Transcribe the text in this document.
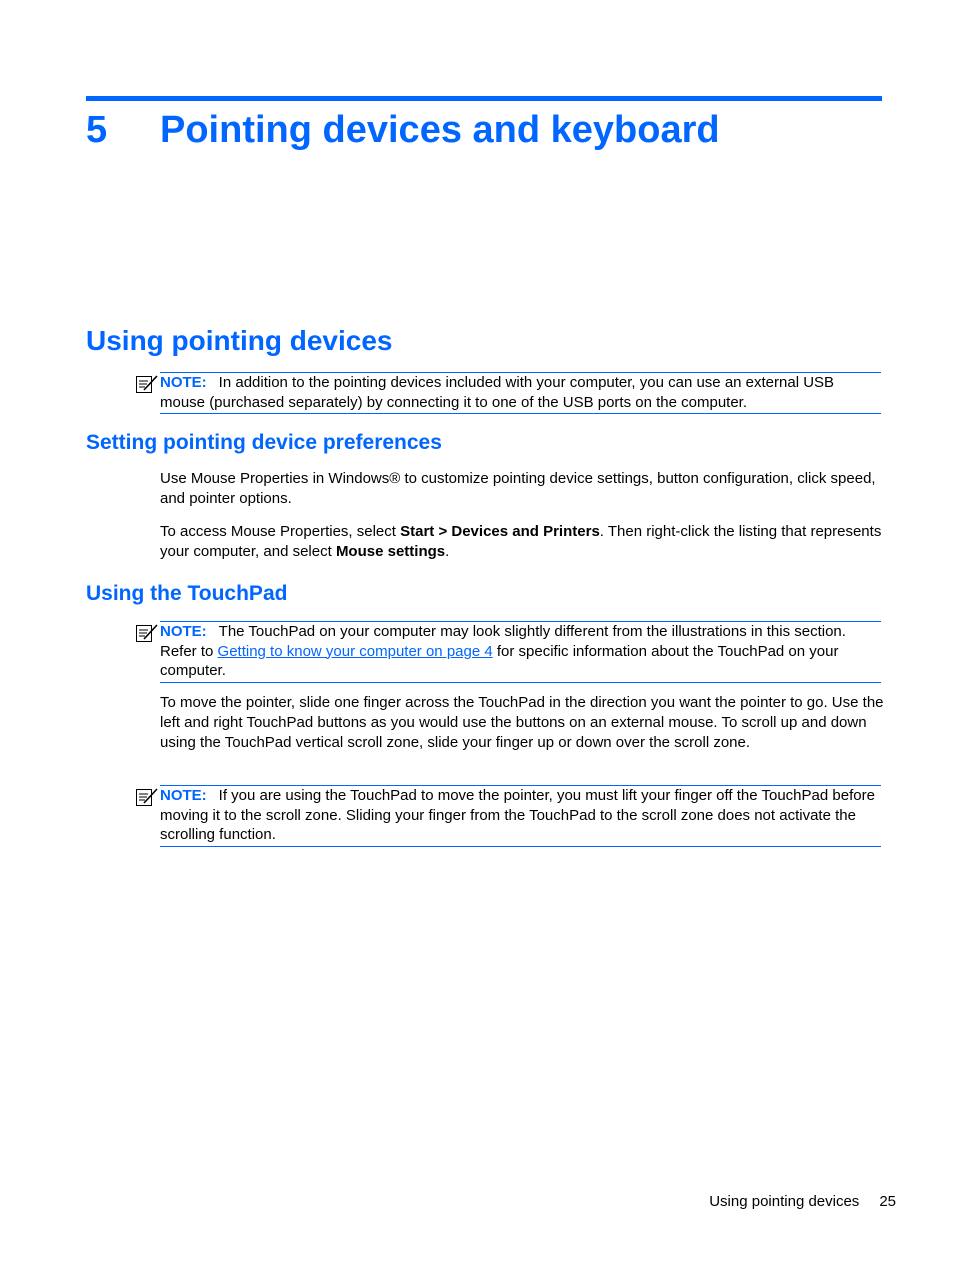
5 Pointing devices and keyboard
Using pointing devices
NOTE: In addition to the pointing devices included with your computer, you can use an external USB mouse (purchased separately) by connecting it to one of the USB ports on the computer.
Setting pointing device preferences

Use Mouse Properties in Windows® to customize pointing device settings, button configuration, click speed, and pointer options.

To access Mouse Properties, select Start > Devices and Printers. Then right-click the listing that represents your computer, and select Mouse settings.

Using the TouchPad
NOTE: The TouchPad on your computer may look slightly different from the illustrations in this section. Refer to Getting to know your computer on page 4 for specific information about the TouchPad on your computer.

To move the pointer, slide one finger across the TouchPad in the direction you want the pointer to go. Use the left and right TouchPad buttons as you would use the buttons on an external mouse. To scroll up and down using the TouchPad vertical scroll zone, slide your finger up or down over the scroll zone.

NOTE: If you are using the TouchPad to move the pointer, you must lift your finger off the TouchPad before moving it to the scroll zone. Sliding your finger from the TouchPad to the scroll zone does not activate the scrolling function.
Using pointing devices 25
